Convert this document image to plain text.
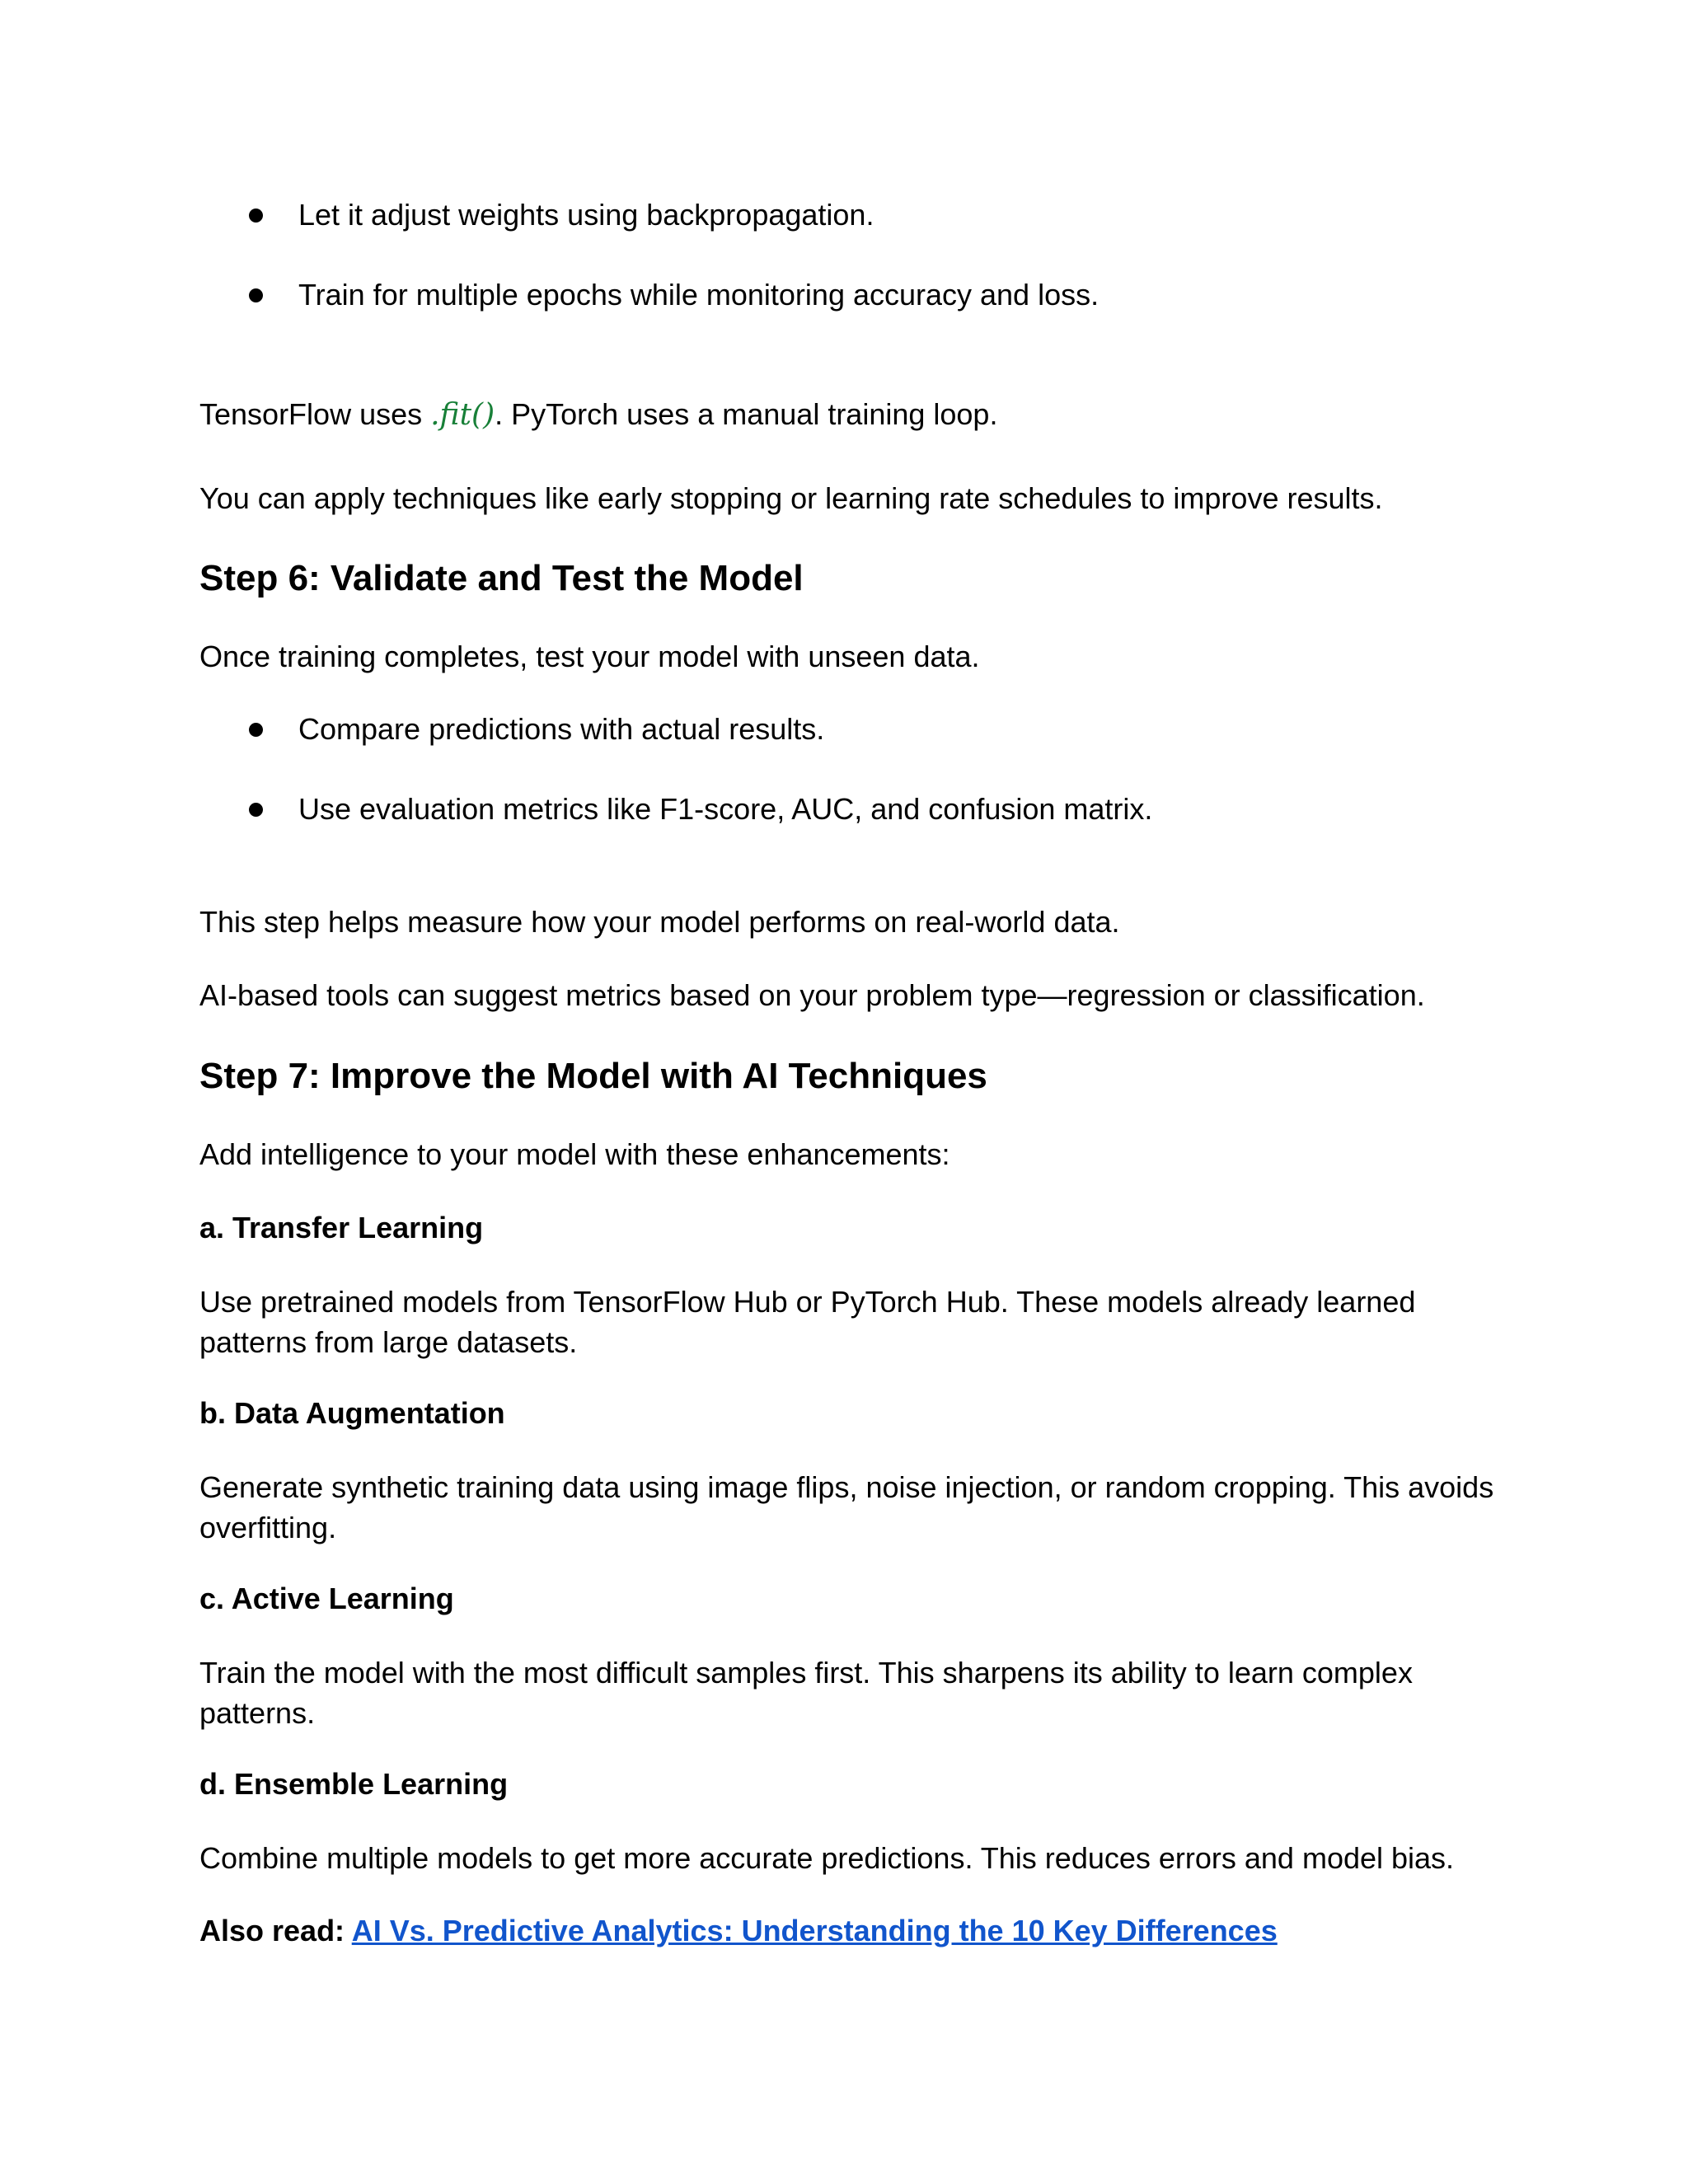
Let it adjust weights using backpropagation.
Train for multiple epochs while monitoring accuracy and loss.

TensorFlow uses .fit(). PyTorch uses a manual training loop.

You can apply techniques like early stopping or learning rate schedules to improve results.

Step 6: Validate and Test the Model

Once training completes, test your model with unseen data.

Compare predictions with actual results.
Use evaluation metrics like F1-score, AUC, and confusion matrix.

This step helps measure how your model performs on real-world data.

AI-based tools can suggest metrics based on your problem type—regression or classification.

Step 7: Improve the Model with AI Techniques

Add intelligence to your model with these enhancements:

a. Transfer Learning

Use pretrained models from TensorFlow Hub or PyTorch Hub. These models already learned patterns from large datasets.

b. Data Augmentation

Generate synthetic training data using image flips, noise injection, or random cropping. This avoids overfitting.

c. Active Learning

Train the model with the most difficult samples first. This sharpens its ability to learn complex patterns.

d. Ensemble Learning

Combine multiple models to get more accurate predictions. This reduces errors and model bias.

Also read: AI Vs. Predictive Analytics: Understanding the 10 Key Differences
